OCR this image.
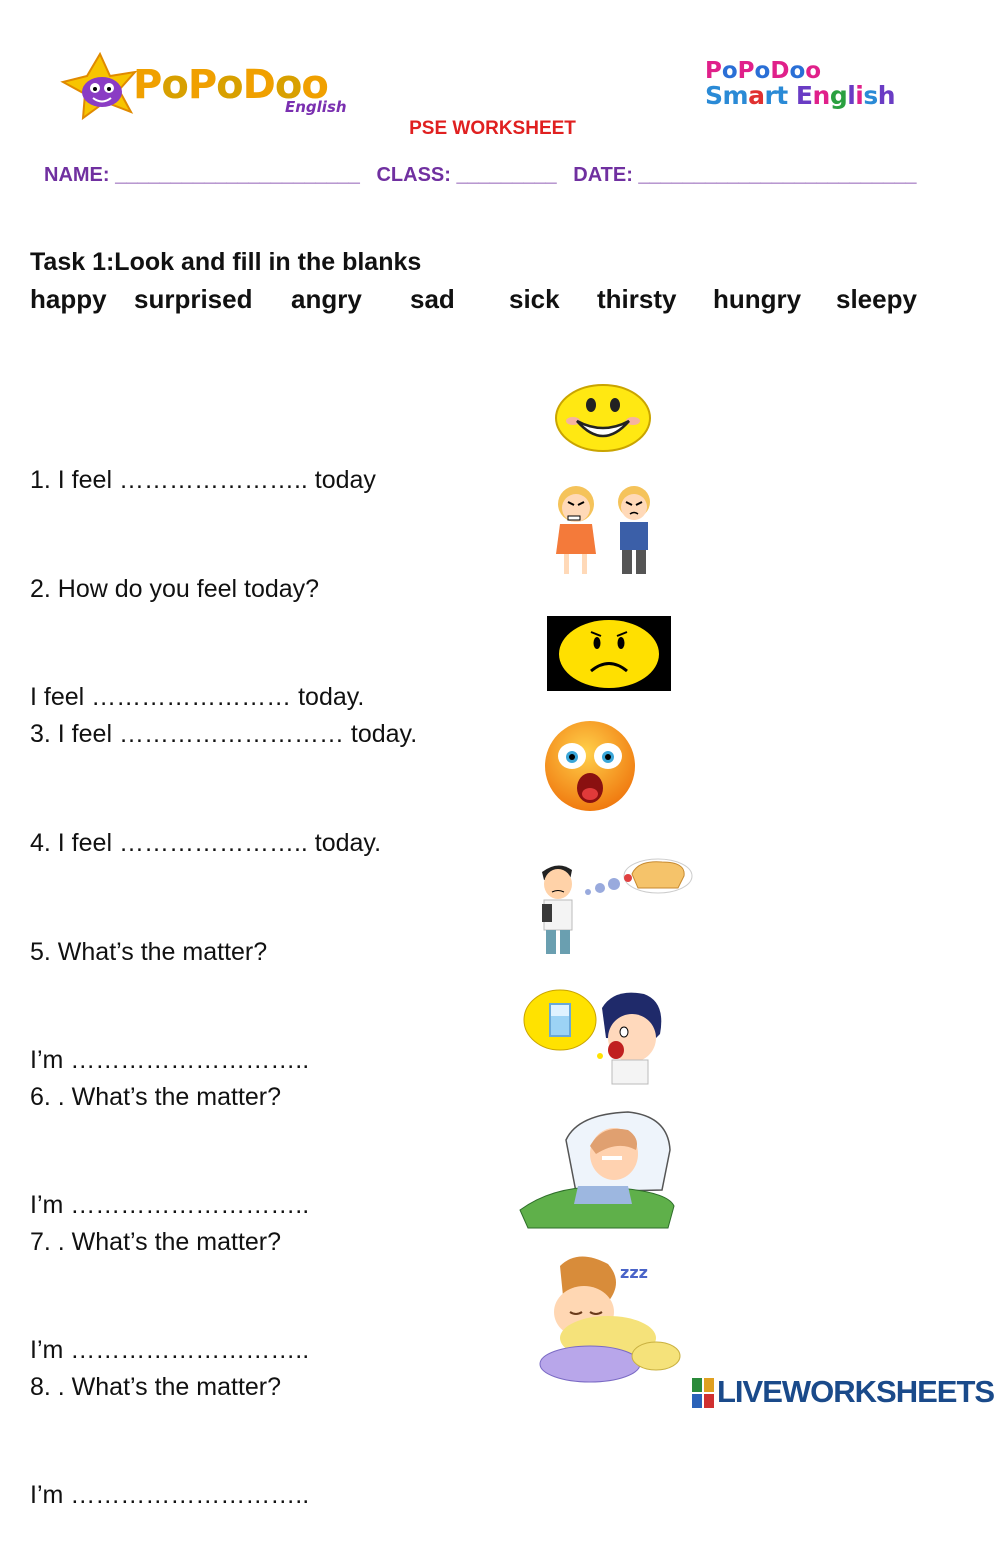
PoPoDoo
English
PoPoDoo
Smart English
PSE WORKSHEET
NAME: ______________________   CLASS: _________   DATE: _________________________
Task 1:Look and fill in the blanks
happy surprised angry sad sick thirsty hungry sleepy

1. I feel ………………….. today

2. How do you feel today?

I feel …………………… today.

3. I feel ……………………… today.

4. I feel ………………….. today.

5. What’s the matter?

I’m ………………………..

6. . What’s the matter?

I’m ………………………..

7. . What’s the matter?

I’m ………………………..

8. . What’s the matter?

I’m ………………………..

zzz
LIVEWORKSHEETS
